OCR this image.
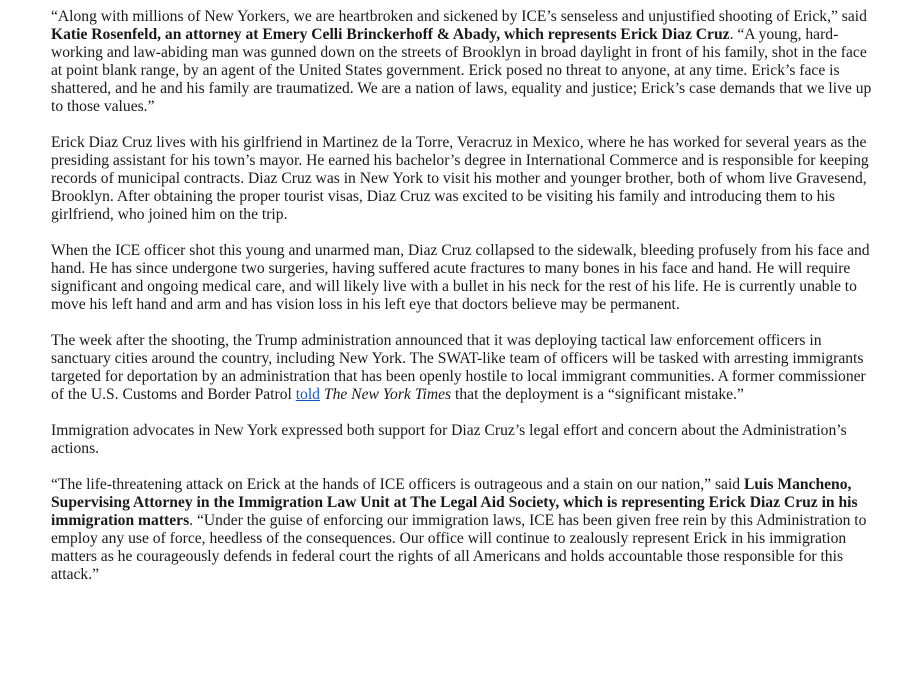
“Along with millions of New Yorkers, we are heartbroken and sickened by ICE’s senseless and unjustified shooting of Erick,” said Katie Rosenfeld, an attorney at Emery Celli Brinckerhoff & Abady, which represents Erick Diaz Cruz. “A young, hard-working and law-abiding man was gunned down on the streets of Brooklyn in broad daylight in front of his family, shot in the face at point blank range, by an agent of the United States government. Erick posed no threat to anyone, at any time. Erick’s face is shattered, and he and his family are traumatized. We are a nation of laws, equality and justice; Erick’s case demands that we live up to those values.”

Erick Diaz Cruz lives with his girlfriend in Martinez de la Torre, Veracruz in Mexico, where he has worked for several years as the presiding assistant for his town’s mayor. He earned his bachelor’s degree in International Commerce and is responsible for keeping records of municipal contracts. Diaz Cruz was in New York to visit his mother and younger brother, both of whom live Gravesend, Brooklyn. After obtaining the proper tourist visas, Diaz Cruz was excited to be visiting his family and introducing them to his girlfriend, who joined him on the trip.

When the ICE officer shot this young and unarmed man, Diaz Cruz collapsed to the sidewalk, bleeding profusely from his face and hand. He has since undergone two surgeries, having suffered acute fractures to many bones in his face and hand. He will require significant and ongoing medical care, and will likely live with a bullet in his neck for the rest of his life. He is currently unable to move his left hand and arm and has vision loss in his left eye that doctors believe may be permanent.

The week after the shooting, the Trump administration announced that it was deploying tactical law enforcement officers in sanctuary cities around the country, including New York. The SWAT-like team of officers will be tasked with arresting immigrants targeted for deportation by an administration that has been openly hostile to local immigrant communities. A former commissioner of the U.S. Customs and Border Patrol told The New York Times that the deployment is a “significant mistake.”

Immigration advocates in New York expressed both support for Diaz Cruz’s legal effort and concern about the Administration’s actions.

“The life-threatening attack on Erick at the hands of ICE officers is outrageous and a stain on our nation,” said Luis Mancheno, Supervising Attorney in the Immigration Law Unit at The Legal Aid Society, which is representing Erick Diaz Cruz in his immigration matters. “Under the guise of enforcing our immigration laws, ICE has been given free rein by this Administration to employ any use of force, heedless of the consequences. Our office will continue to zealously represent Erick in his immigration matters as he courageously defends in federal court the rights of all Americans and holds accountable those responsible for this attack.”
